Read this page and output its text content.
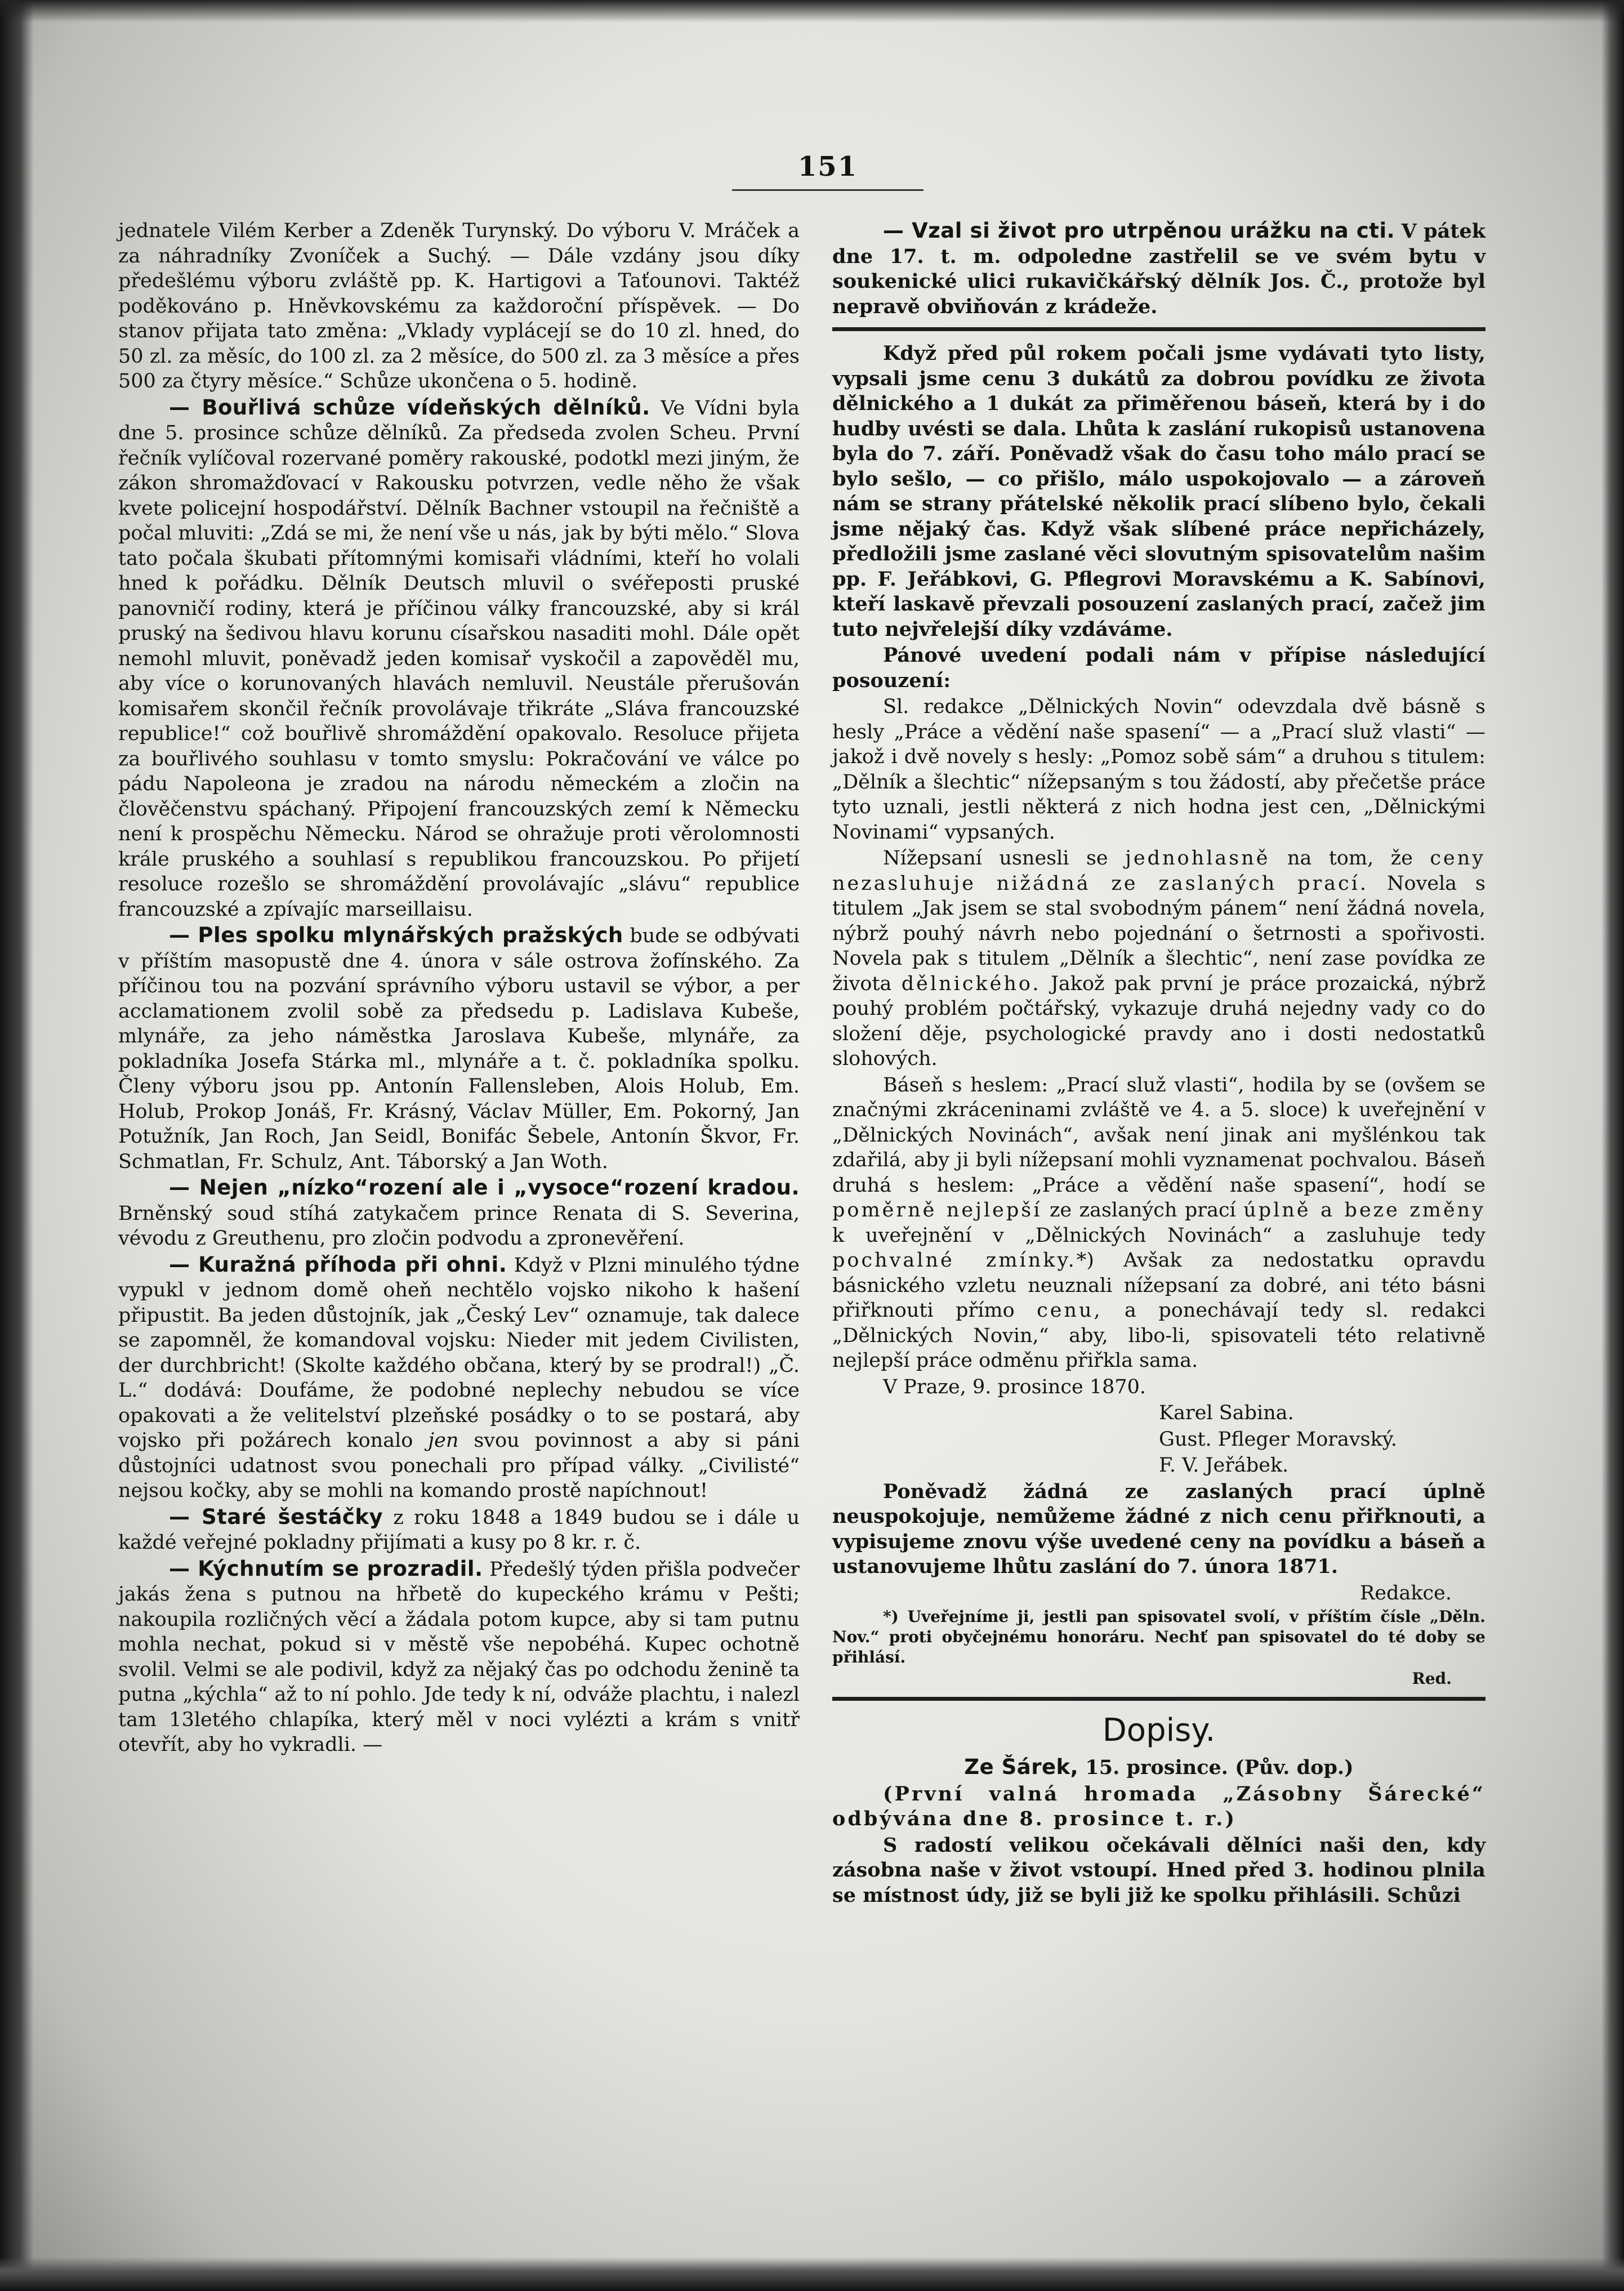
151

jednatele Vilém Kerber a Zdeněk Turynský. Do výboru V. Mráček a za náhradníky Zvoníček a Suchý. — Dále vzdány jsou díky předešlému výboru zvláště pp. K. Hartigovi a Taťounovi. Taktéž poděkováno p. Hněvkovskému za každoroční příspěvek. — Do stanov přijata tato změna: „Vklady vyplácejí se do 10 zl. hned, do 50 zl. za měsíc, do 100 zl. za 2 měsíce, do 500 zl. za 3 měsíce a přes 500 za čtyry měsíce.“ Schůze ukončena o 5. hodině.

— Bouřlivá schůze vídeňských dělníků. Ve Vídni byla dne 5. prosince schůze dělníků. Za předseda zvolen Scheu. První řečník vylíčoval rozervané poměry rakouské, podotkl mezi jiným, že zákon shromažďovací v Rakousku potvrzen, vedle něho že však kvete policejní hospodářství. Dělník Bachner vstoupil na řečniště a počal mluviti: „Zdá se mi, že není vše u nás, jak by býti mělo.“ Slova tato počala škubati přítomnými komisaři vládními, kteří ho volali hned k pořádku. Dělník Deutsch mluvil o svéřeposti pruské panovničí rodiny, která je příčinou války francouzské, aby si král pruský na šedivou hlavu korunu císařskou nasaditi mohl. Dále opět nemohl mluvit, poněvadž jeden komisař vyskočil a zapověděl mu, aby více o korunovaných hlavách nemluvil. Neustále přerušován komisařem skončil řečník provolávaje třikráte „Sláva francouzské republice!“ což bouřlivě shromáždění opakovalo. Resoluce přijeta za bouřlivého souhlasu v tomto smyslu: Pokračování ve válce po pádu Napoleona je zradou na národu německém a zločin na člověčenstvu spáchaný. Připojení francouzských zemí k Německu není k prospěchu Německu. Národ se ohražuje proti věrolomnosti krále pruského a souhlasí s republikou francouzskou. Po přijetí resoluce rozešlo se shromáždění provolávajíc „slávu“ republice francouzské a zpívajíc marseillaisu.

— Ples spolku mlynářských pražských bude se odbývati v příštím masopustě dne 4. února v sále ostrova žofínského. Za příčinou tou na pozvání správního výboru ustavil se výbor, a per acclamationem zvolil sobě za předsedu p. Ladislava Kubeše, mlynáře, za jeho náměstka Jaroslava Kubeše, mlynáře, za pokladníka Josefa Stárka ml., mlynáře a t. č. pokladníka spolku. Členy výboru jsou pp. Antonín Fallensleben, Alois Holub, Em. Holub, Prokop Jonáš, Fr. Krásný, Václav Müller, Em. Pokorný, Jan Potužník, Jan Roch, Jan Seidl, Bonifác Šebele, Antonín Škvor, Fr. Schmatlan, Fr. Schulz, Ant. Táborský a Jan Woth.

— Nejen „nízko“rození ale i „vysoce“rození kradou. Brněnský soud stíhá zatykačem prince Renata di S. Severina, vévodu z Greuthenu, pro zločin podvodu a zpronevěření.

— Kuražná příhoda při ohni. Když v Plzni minulého týdne vypukl v jednom domě oheň nechtělo vojsko nikoho k hašení připustit. Ba jeden důstojník, jak „Český Lev“ oznamuje, tak dalece se zapomněl, že komandoval vojsku: Nieder mit jedem Civilisten, der durchbricht! (Skolte každého občana, který by se prodral!) „Č. L.“ dodává: Doufáme, že podobné neplechy nebudou se více opakovati a že velitelství plzeňské posádky o to se postará, aby vojsko při požárech konalo jen svou povinnost a aby si páni důstojníci udatnost svou ponechali pro případ války. „Civilisté“ nejsou kočky, aby se mohli na komando prostě napíchnout!

— Staré šestáčky z roku 1848 a 1849 budou se i dále u každé veřejné pokladny přijímati a kusy po 8 kr. r. č.

— Kýchnutím se prozradil. Předešlý týden přišla podvečer jakás žena s putnou na hřbetě do kupeckého krámu v Pešti; nakoupila rozličných věcí a žádala potom kupce, aby si tam putnu mohla nechat, pokud si v městě vše nepobéhá. Kupec ochotně svolil. Velmi se ale podivil, když za nějaký čas po odchodu ženině ta putna „kýchla“ až to ní pohlo. Jde tedy k ní, odváže plachtu, i nalezl tam 13letého chlapíka, který měl v noci vylézti a krám s vnitř otevřít, aby ho vykradli. —

— Vzal si život pro utrpěnou urážku na cti. V pátek dne 17. t. m. odpoledne zastřelil se ve svém bytu v soukenické ulici rukavičkářský dělník Jos. Č., protože byl nepravě obviňován z krádeže.

Když před půl rokem počali jsme vydávati tyto listy, vypsali jsme cenu 3 dukátů za dobrou povídku ze života dělnického a 1 dukát za přiměřenou báseň, která by i do hudby uvésti se dala. Lhůta k zaslání rukopisů ustanovena byla do 7. září. Poněvadž však do času toho málo prací se bylo sešlo, — co přišlo, málo uspokojovalo — a zároveň nám se strany přátelské několik prací slíbeno bylo, čekali jsme nějaký čas. Když však slíbené práce nepřicházely, předložili jsme zaslané věci slovutným spisovatelům našim pp. F. Jeřábkovi, G. Pflegrovi Moravskému a K. Sabínovi, kteří laskavě převzali posouzení zaslaných prací, začež jim tuto nejvřelejší díky vzdáváme.

Pánové uvedení podali nám v přípise následující posouzení:

Sl. redakce „Dělnických Novin“ odevzdala dvě básně s hesly „Práce a vědění naše spasení“ — a „Prací služ vlasti“ — jakož i dvě novely s hesly: „Pomoz sobě sám“ a druhou s titulem: „Dělník a šlechtic“ nížepsaným s tou žádostí, aby přečetše práce tyto uznali, jestli některá z nich hodna jest cen, „Dělnickými Novinami“ vypsaných.

Nížepsaní usnesli se jednohlasně na tom, že ceny nezasluhuje nižádná ze zaslaných prací. Novela s titulem „Jak jsem se stal svobodným pánem“ není žádná novela, nýbrž pouhý návrh nebo pojednání o šetrnosti a spořivosti. Novela pak s titulem „Dělník a šlechtic“, není zase povídka ze života dělnického. Jakož pak první je práce prozaická, nýbrž pouhý problém počtářský, vykazuje druhá nejedny vady co do složení děje, psychologické pravdy ano i dosti nedostatků slohových.

Báseň s heslem: „Prací služ vlasti“, hodila by se (ovšem se značnými zkráceninami zvláště ve 4. a 5. sloce) k uveřejnění v „Dělnických Novinách“, avšak není jinak ani myšlénkou tak zdařilá, aby ji byli nížepsaní mohli vyznamenat pochvalou. Báseň druhá s heslem: „Práce a vědění naše spasení“, hodí se poměrně nejlepší ze zaslaných prací úplně a beze změny k uveřejnění v „Dělnických Novinách“ a zasluhuje tedy pochvalné zmínky.*) Avšak za nedostatku opravdu básnického vzletu neuznali nížepsaní za dobré, ani této básni přiřknouti přímo cenu, a ponechávají tedy sl. redakci „Dělnických Novin,“ aby, libo-li, spisovateli této relativně nejlepší práce odměnu přiřkla sama.

V Praze, 9. prosince 1870.

Karel Sabina.

Gust. Pfleger Moravský.

F. V. Jeřábek.

Poněvadž žádná ze zaslaných prací úplně neuspokojuje, nemůžeme žádné z nich cenu přiřknouti, a vypisujeme znovu výše uvedené ceny na povídku a báseň a ustanovujeme lhůtu zaslání do 7. února 1871.

Redakce.

*) Uveřejníme ji, jestli pan spisovatel svolí, v příštím čísle „Děln. Nov.“ proti obyčejnému honoráru. Nechť pan spisovatel do té doby se přihlásí.

Red.

Dopisy.

Ze Šárek, 15. prosince. (Pův. dop.)

(První valná hromada „Zásobny Šárecké“ odbývána dne 8. prosince t. r.)

S radostí velikou očekávali dělníci naši den, kdy zásobna naše v život vstoupí. Hned před 3. hodinou plnila se místnost údy, již se byli již ke spolku přihlásili. Schůzi
